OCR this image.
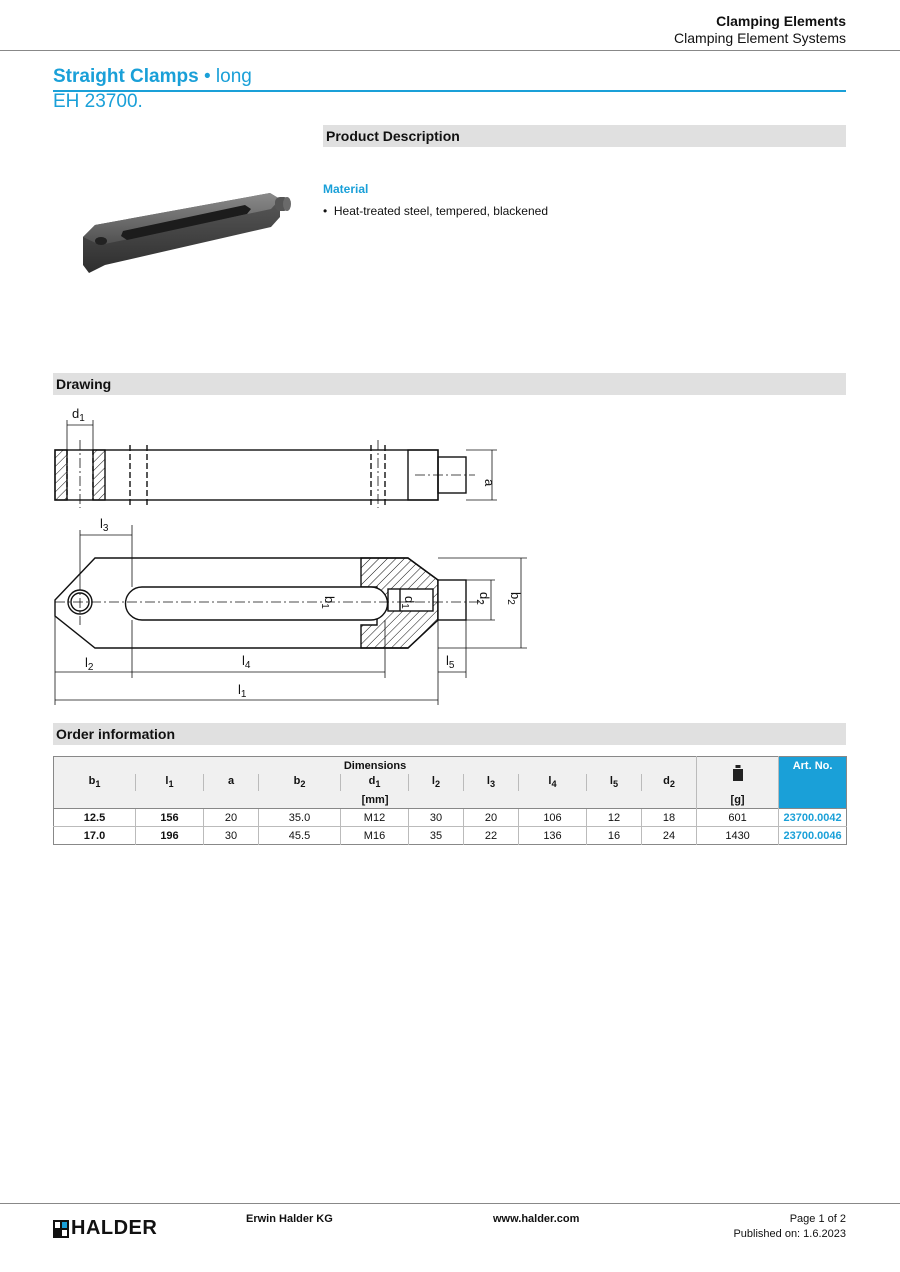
Clamping Elements
Clamping Element Systems
Straight Clamps • long
EH 23700.
Product Description
Material
•  Heat-treated steel, tempered, blackened
Drawing
$d_1$
a
$l_3$
$b_1$
$d_1$
$d_2$
$b_2$
$l_2$	$l_4$	$l_5$
$l_1$
Order information
Dimensions											Art. No.
$b_1$	$l_1$	a	$b_2$	$d_1$	$l_2$	$l_3$	$l_4$	$l_5$	$d_2$
[mm]										[g]	
12.5	156	20	35.0	M12	30	20	106	12	18	601	23700.0042
17.0	196	30	45.5	M16	35	22	136	16	24	1430	23700.0046
HALDER	Erwin Halder KG	www.halder.com	Page 1 of 2
Published on: 1.6.2023
